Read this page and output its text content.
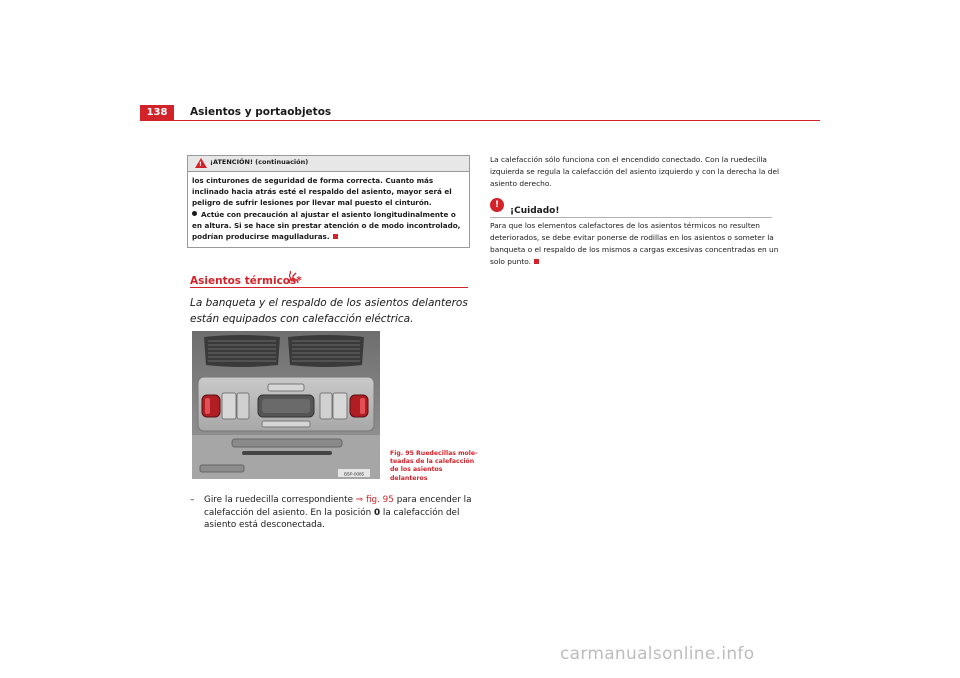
138	Asientos y portaobjetos
! ¡ATENCIÓN! (continuación)

los cinturones de seguridad de forma correcta. Cuanto más inclinado hacia atrás esté el respaldo del asiento, mayor será el peligro de sufrir lesiones por llevar mal puesto el cinturón.

Actúe con precaución al ajustar el asiento longitudinalmente o en altura. Si se hace sin prestar atención o de modo incontrolado, podrían producirse magulladuras.

Asientos térmicos*
La banqueta y el respaldo de los asientos delanteros están equipados con calefacción eléctrica.
B5P-0085
Fig. 95 Ruedecillas mole-teadas de la calefacción de los asientos delanteros
– Gire la ruedecilla correspondiente ⇒ fig. 95 para encender la calefacción del asiento. En la posición 0 la calefacción del asiento está desconectada.
La calefacción sólo funciona con el encendido conectado. Con la ruedecilla izquierda se regula la calefacción del asiento izquierdo y con la derecha la del asiento derecho.
!
¡Cuidado!
Para que los elementos calefactores de los asientos térmicos no resulten deteriorados, se debe evitar ponerse de rodillas en los asientos o someter la banqueta o el respaldo de los mismos a cargas excesivas concentradas en un solo punto.
carmanualsonline.info
